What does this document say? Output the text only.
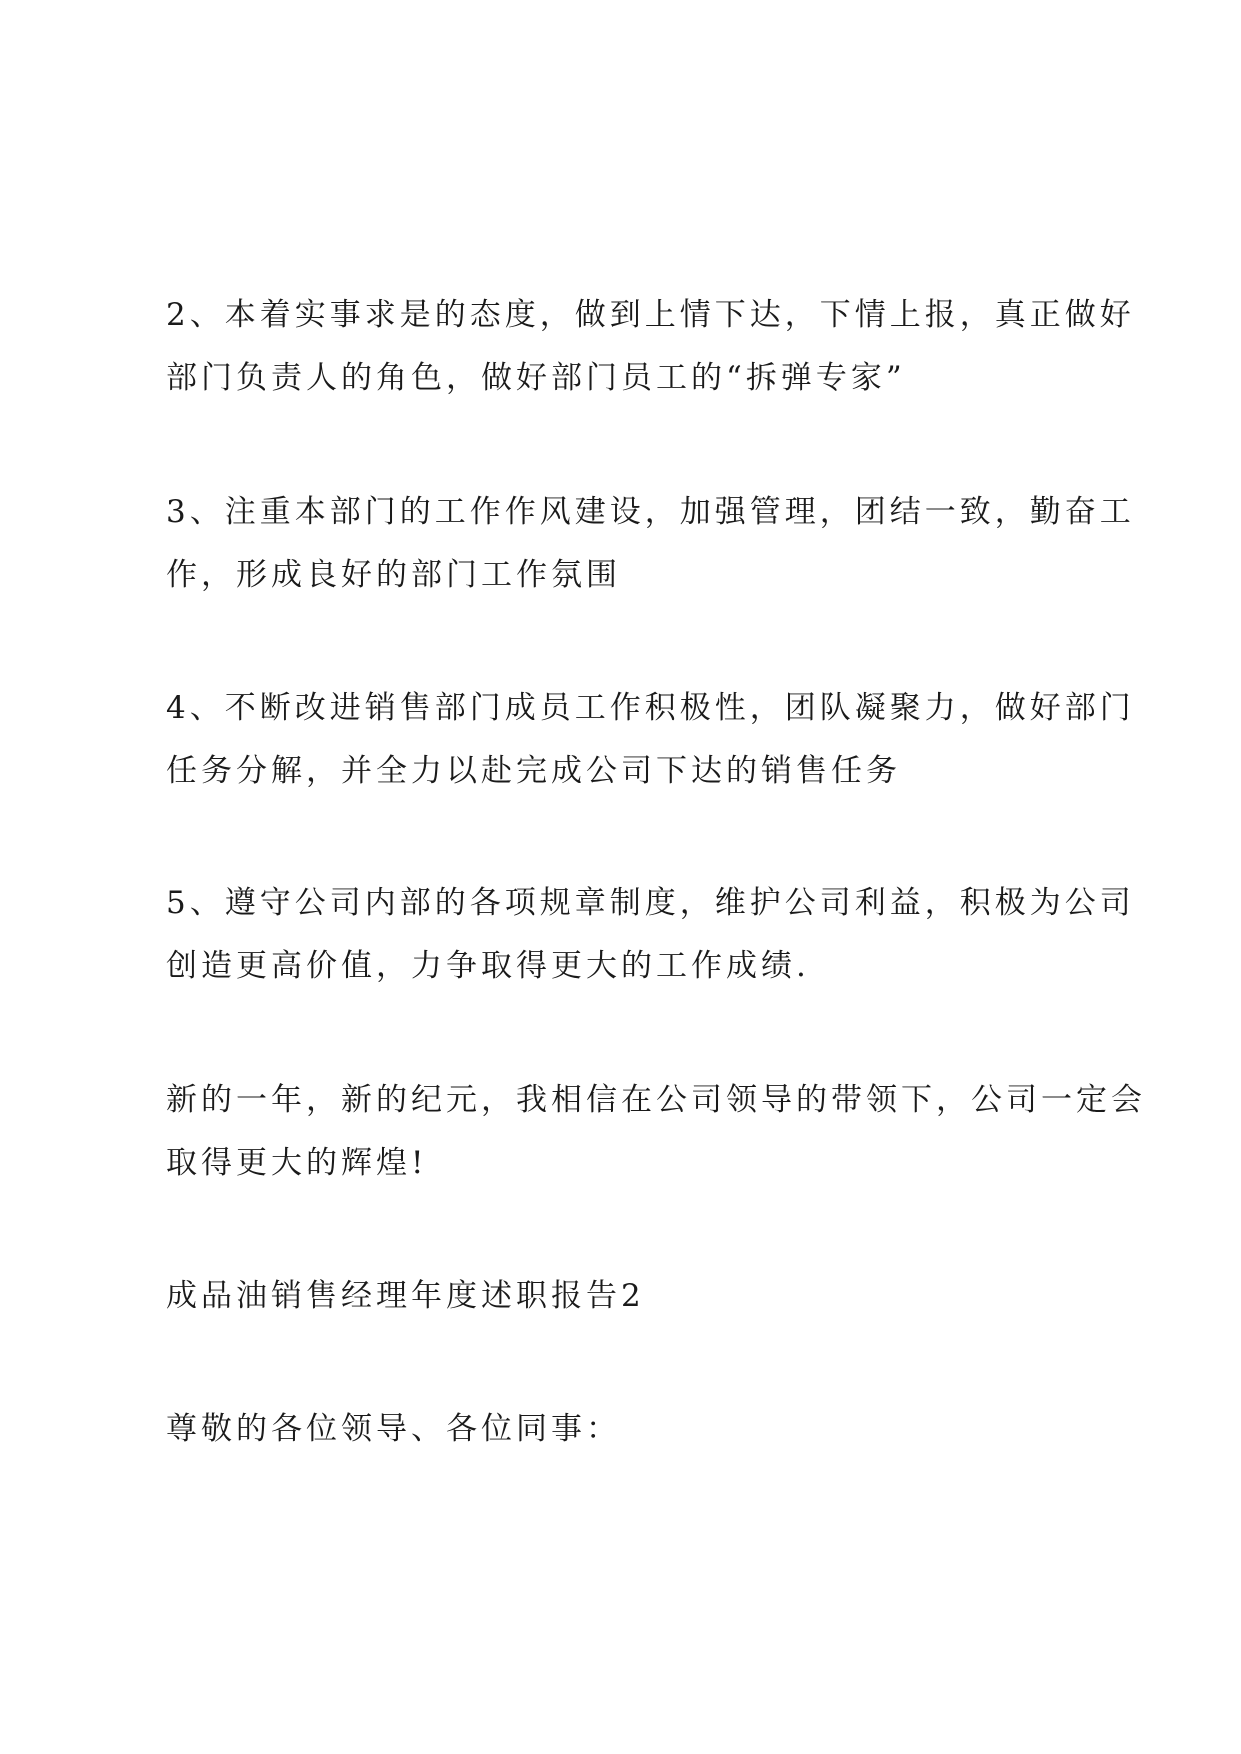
2、本着实事求是的态度，做到上情下达，下情上报，真正做好
部门负责人的角色，做好部门员工的“拆弹专家”

3、注重本部门的工作作风建设，加强管理，团结一致，勤奋工
作，形成良好的部门工作氛围

4、不断改进销售部门成员工作积极性，团队凝聚力，做好部门
任务分解，并全力以赴完成公司下达的销售任务

5、遵守公司内部的各项规章制度，维护公司利益，积极为公司
创造更高价值，力争取得更大的工作成绩.

新的一年，新的纪元，我相信在公司领导的带领下，公司一定会
取得更大的辉煌!

成品油销售经理年度述职报告2

尊敬的各位领导、各位同事：
